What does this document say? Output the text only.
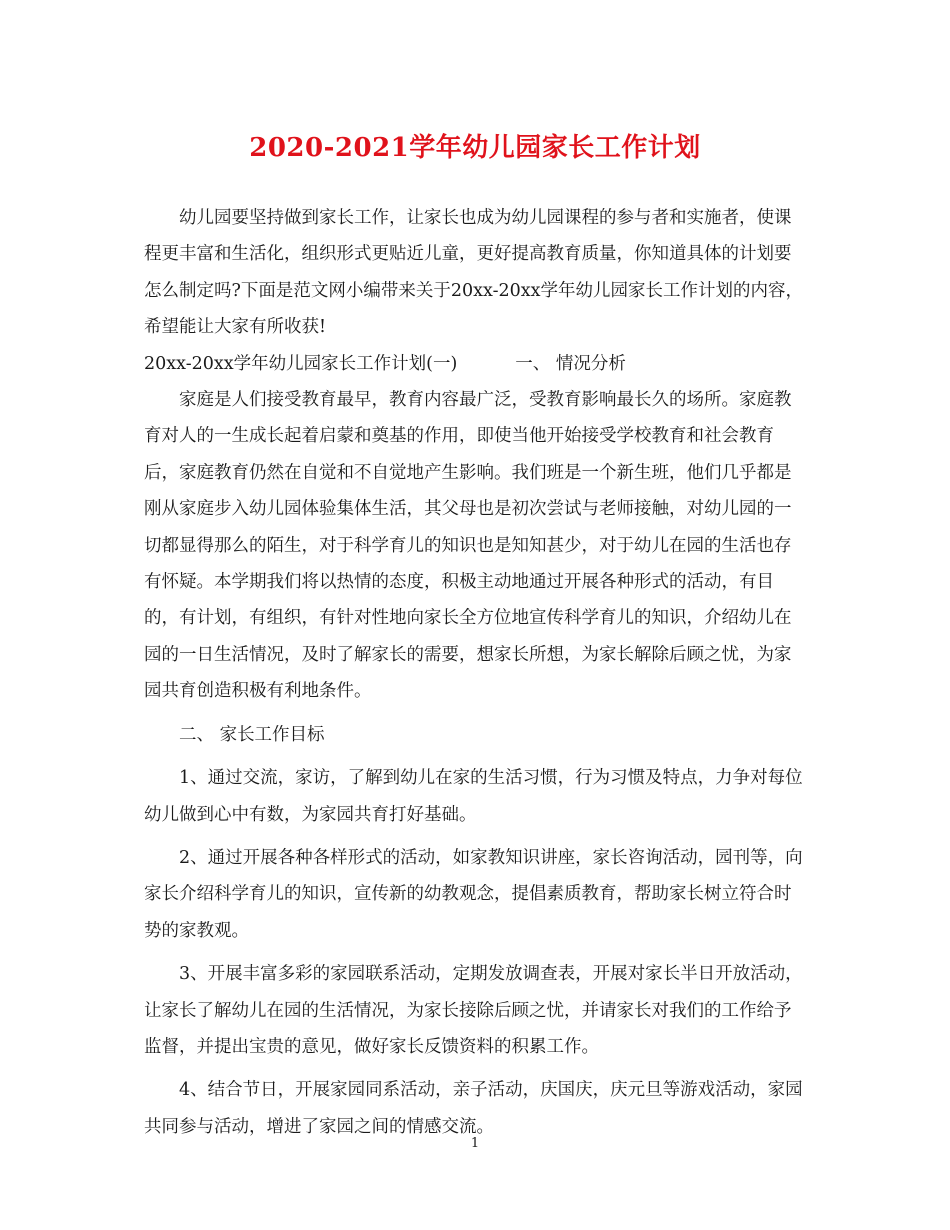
2020-2021学年幼儿园家长工作计划

幼儿园要坚持做到家长工作，让家长也成为幼儿园课程的参与者和实施者，使课程更丰富和生活化，组织形式更贴近儿童，更好提高教育质量，你知道具体的计划要怎么制定吗?下面是范文网小编带来关于20xx-20xx学年幼儿园家长工作计划的内容，希望能让大家有所收获!

20xx-20xx学年幼儿园家长工作计划(一)	一、 情况分析

家庭是人们接受教育最早，教育内容最广泛，受教育影响最长久的场所。家庭教育对人的一生成长起着启蒙和奠基的作用，即使当他开始接受学校教育和社会教育后，家庭教育仍然在自觉和不自觉地产生影响。我们班是一个新生班，他们几乎都是刚从家庭步入幼儿园体验集体生活，其父母也是初次尝试与老师接触，对幼儿园的一切都显得那么的陌生，对于科学育儿的知识也是知知甚少，对于幼儿在园的生活也存有怀疑。本学期我们将以热情的态度，积极主动地通过开展各种形式的活动，有目的，有计划，有组织，有针对性地向家长全方位地宣传科学育儿的知识，介绍幼儿在园的一日生活情况，及时了解家长的需要，想家长所想，为家长解除后顾之忧，为家园共育创造积极有利地条件。

二、 家长工作目标

1、通过交流，家访，了解到幼儿在家的生活习惯，行为习惯及特点，力争对每位幼儿做到心中有数，为家园共育打好基础。

2、通过开展各种各样形式的活动，如家教知识讲座，家长咨询活动，园刊等，向家长介绍科学育儿的知识，宣传新的幼教观念，提倡素质教育，帮助家长树立符合时势的家教观。

3、开展丰富多彩的家园联系活动，定期发放调查表，开展对家长半日开放活动，让家长了解幼儿在园的生活情况，为家长接除后顾之忧，并请家长对我们的工作给予监督，并提出宝贵的意见，做好家长反馈资料的积累工作。

4、结合节日，开展家园同系活动，亲子活动，庆国庆，庆元旦等游戏活动，家园共同参与活动，增进了家园之间的情感交流。

1
